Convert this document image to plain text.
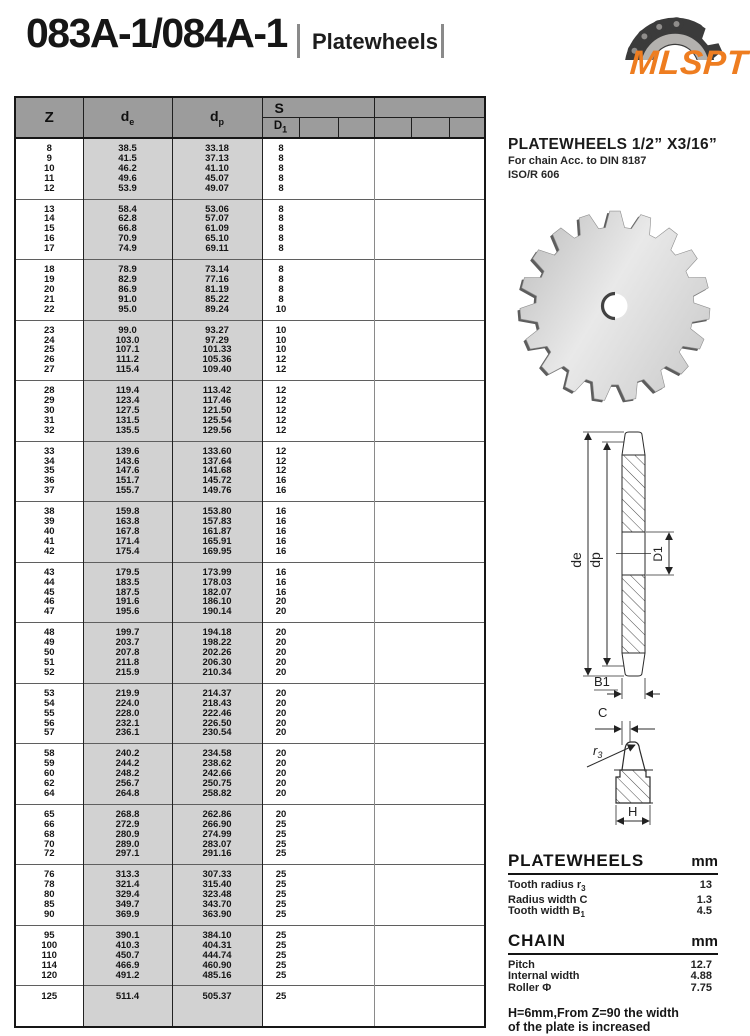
083A-1/084A-1 Platewheels
MLSPT
Z	$d_e$	$d_p$	S					
			$D_1$					
8	38.5	33.18	8					
9	41.5	37.13	8					
10	46.2	41.10	8					
11	49.6	45.07	8					
12	53.9	49.07	8					
13	58.4	53.06	8					
14	62.8	57.07	8					
15	66.8	61.09	8					
16	70.9	65.10	8					
17	74.9	69.11	8					
18	78.9	73.14	8					
19	82.9	77.16	8					
20	86.9	81.19	8					
21	91.0	85.22	8					
22	95.0	89.24	10					
23	99.0	93.27	10					
24	103.0	97.29	10					
25	107.1	101.33	10					
26	111.2	105.36	12					
27	115.4	109.40	12					
28	119.4	113.42	12					
29	123.4	117.46	12					
30	127.5	121.50	12					
31	131.5	125.54	12					
32	135.5	129.56	12					
33	139.6	133.60	12					
34	143.6	137.64	12					
35	147.6	141.68	12					
36	151.7	145.72	16					
37	155.7	149.76	16					
38	159.8	153.80	16					
39	163.8	157.83	16					
40	167.8	161.87	16					
41	171.4	165.91	16					
42	175.4	169.95	16					
43	179.5	173.99	16					
44	183.5	178.03	16					
45	187.5	182.07	16					
46	191.6	186.10	20					
47	195.6	190.14	20					
48	199.7	194.18	20					
49	203.7	198.22	20					
50	207.8	202.26	20					
51	211.8	206.30	20					
52	215.9	210.34	20					
53	219.9	214.37	20					
54	224.0	218.43	20					
55	228.0	222.46	20					
56	232.1	226.50	20					
57	236.1	230.54	20					
58	240.2	234.58	20					
59	244.2	238.62	20					
60	248.2	242.66	20					
62	256.7	250.75	20					
64	264.8	258.82	20					
65	268.8	262.86	20					
66	272.9	266.90	25					
68	280.9	274.99	25					
70	289.0	283.07	25					
72	297.1	291.16	25					
76	313.3	307.33	25					
78	321.4	315.40	25					
80	329.4	323.48	25					
85	349.7	343.70	25					
90	369.9	363.90	25					
95	390.1	384.10	25					
100	410.3	404.31	25					
110	450.7	444.74	25					
114	466.9	460.90	25					
120	491.2	485.16	25					
125	511.4	505.37	25					
PLATEWHEELS 1/2” X3/16”
For chain Acc. to DIN 8187
ISO/R 606
de dp	D1
B1
C
$r_3$
H
PLATEWHEELS	mm
Tooth radius $r_3$	13
Radius width C	1.3
Tooth width $B_1$	4.5
CHAIN	mm
Pitch	12.7
Internal width	4.88
Roller Φ	7.75
H=6mm,From Z=90 the width
of the plate is increased
